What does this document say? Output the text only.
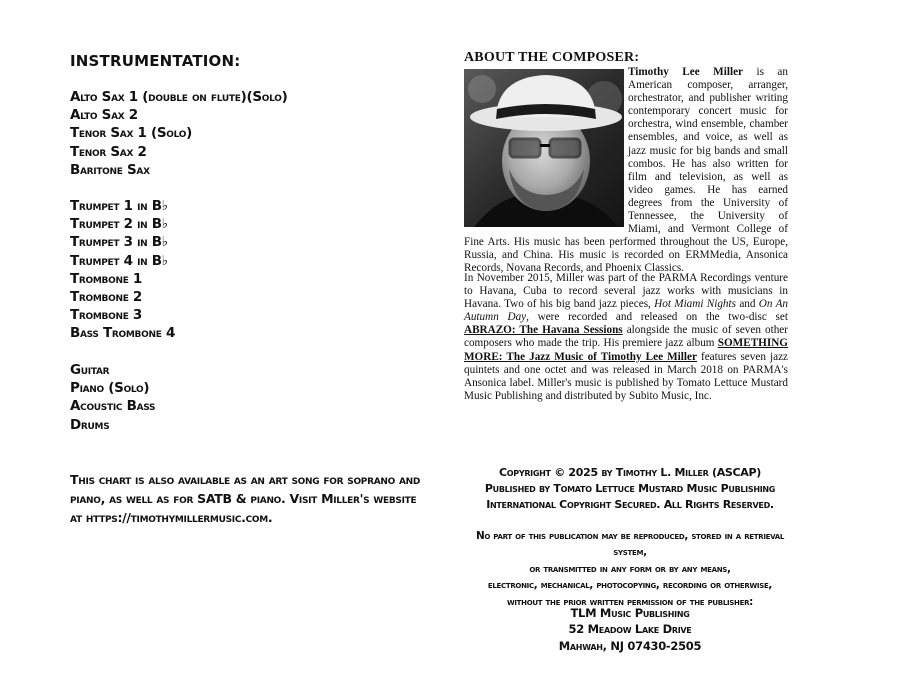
INSTRUMENTATION:
Alto Sax 1 (double on flute)(Solo)
Alto Sax 2
Tenor Sax 1 (Solo)
Tenor Sax 2
Baritone Sax
Trumpet 1 in B♭
Trumpet 2 in B♭
Trumpet 3 in B♭
Trumpet 4 in B♭
Trombone 1
Trombone 2
Trombone 3
Bass Trombone 4
Guitar
Piano (Solo)
Acoustic Bass
Drums
This chart is also available as an art song for soprano and piano, as well as for SATB & piano. Visit Miller's website at https://timothymillermusic.com.
ABOUT THE COMPOSER:

Timothy Lee Miller is an American composer, arranger, orchestrator, and publisher writing contemporary concert music for orchestra, wind ensemble, chamber ensembles, and voice, as well as jazz music for big bands and small combos. He has also written for film and television, as well as video games. He has earned degrees from the University of Tennessee, the University of Miami, and Vermont College of Fine Arts. His music has been performed throughout the US, Europe, Russia, and China. His music is recorded on ERMMedia, Ansonica Records, Novana Records, and Phoenix Classics.

In November 2015, Miller was part of the PARMA Recordings venture to Havana, Cuba to record several jazz works with musicians in Havana. Two of his big band jazz pieces, Hot Miami Nights and On An Autumn Day, were recorded and released on the two-disc set ABRAZO: The Havana Sessions alongside the music of seven other composers who made the trip. His premiere jazz album SOMETHING MORE: The Jazz Music of Timothy Lee Miller features seven jazz quintets and one octet and was released in March 2018 on PARMA's Ansonica label. Miller's music is published by Tomato Lettuce Mustard Music Publishing and distributed by Subito Music, Inc.

Copyright © 2025 by Timothy L. Miller (ASCAP)
Published by Tomato Lettuce Mustard Music Publishing
International Copyright Secured. All Rights Reserved.
No part of this publication may be reproduced, stored in a retrieval system,
or transmitted in any form or by any means,
electronic, mechanical, photocopying, recording or otherwise,
without the prior written permission of the publisher:
TLM Music Publishing
52 Meadow Lake Drive
Mahwah, NJ 07430-2505
